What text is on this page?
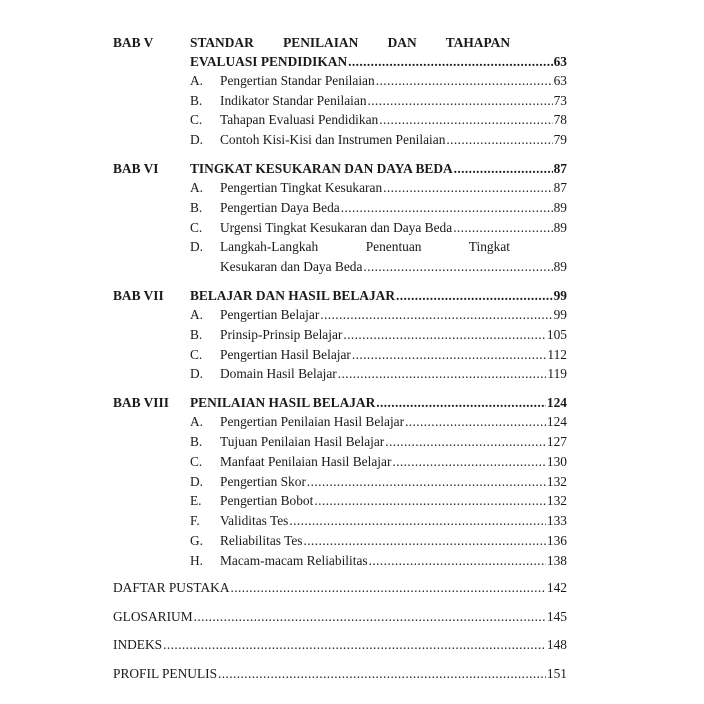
BAB V	STANDAR PENILAIAN DAN TAHAPAN
EVALUASI PENDIDIKAN .....	63
A.	Pengertian Standar Penilaian .....	63
B.	Indikator Standar Penilaian .....	73
C.	Tahapan Evaluasi Pendidikan .....	78
D.	Contoh Kisi-Kisi dan Instrumen Penilaian .....	79
BAB VI TINGKAT KESUKARAN DAN DAYA BEDA .....	87
A.	Pengertian Tingkat Kesukaran .....	87
B.	Pengertian Daya Beda .....	89
C.	Urgensi Tingkat Kesukaran dan Daya Beda .....	89
D.	Langkah-Langkah Penentuan Tingkat
Kesukaran dan Daya Beda .....	89
BAB VII BELAJAR DAN HASIL BELAJAR .....	99
A.	Pengertian Belajar .....	99
B.	Prinsip-Prinsip Belajar .....	105
C.	Pengertian Hasil Belajar .....	112
D.	Domain Hasil Belajar .....	119
BAB VIII PENILAIAN HASIL BELAJAR .....	124
A.	Pengertian Penilaian Hasil Belajar .....	124
B.	Tujuan Penilaian Hasil Belajar .....	127
C.	Manfaat Penilaian Hasil Belajar .....	130
D.	Pengertian Skor .....	132
E.	Pengertian Bobot .....	132
F.	Validitas Tes .....	133
G.	Reliabilitas Tes .....	136
H.	Macam-macam Reliabilitas .....	138
DAFTAR PUSTAKA .....	142
GLOSARIUM .....	145
INDEKS .....	148
PROFIL PENULIS .....	151
